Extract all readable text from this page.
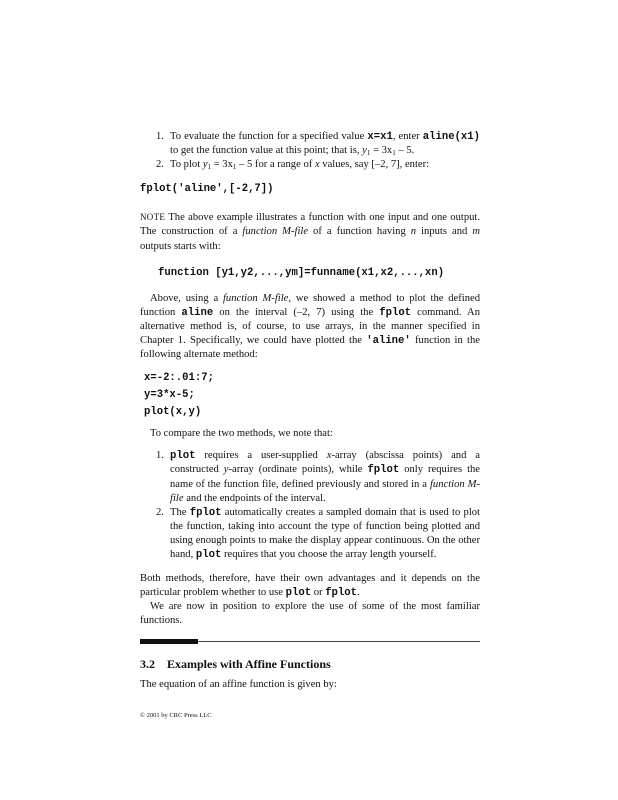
1. To evaluate the function for a specified value x=x1, enter aline(x1) to get the function value at this point; that is, $y_1 = 3x_1 - 5$.
2. To plot $y_1 = 3x_1 - 5$ for a range of x values, say [–2, 7], enter:
fplot('aline',[-2,7])

NOTE The above example illustrates a function with one input and one output. The construction of a function M-file of a function having n inputs and m outputs starts with:

function [y1,y2,...,ym]=funname(x1,x2,...,xn)

Above, using a function M-file, we showed a method to plot the defined function aline on the interval (–2, 7) using the fplot command. An alternative method is, of course, to use arrays, in the manner specified in Chapter 1. Specifically, we could have plotted the 'aline' function in the following alternate method:

x=-2:.01:7;
y=3*x-5;
plot(x,y)

To compare the two methods, we note that:

1. plot requires a user-supplied x-array (abscissa points) and a constructed y-array (ordinate points), while fplot only requires the name of the function file, defined previously and stored in a function M-file and the endpoints of the interval.
2. The fplot automatically creates a sampled domain that is used to plot the function, taking into account the type of function being plotted and using enough points to make the display appear continuous. On the other hand, plot requires that you choose the array length yourself.

Both methods, therefore, have their own advantages and it depends on the particular problem whether to use plot or fplot.

We are now in position to explore the use of some of the most familiar functions.

3.2 Examples with Affine Functions
The equation of an affine function is given by:
© 2001 by CRC Press LLC
